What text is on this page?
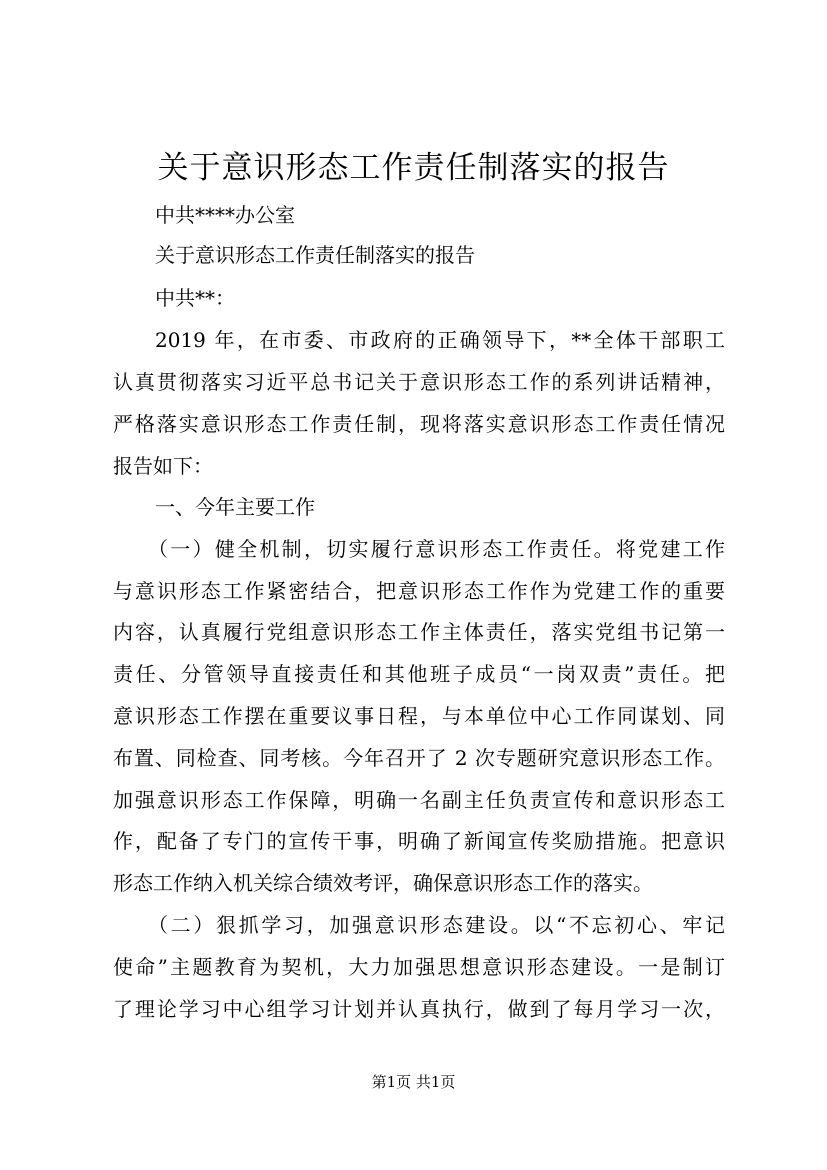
关于意识形态工作责任制落实的报告

中共****办公室

关于意识形态工作责任制落实的报告

中共**：

2019 年，在市委、市政府的正确领导下，**全体干部职工

认真贯彻落实习近平总书记关于意识形态工作的系列讲话精神，

严格落实意识形态工作责任制，现将落实意识形态工作责任情况

报告如下：

一、今年主要工作

（一）健全机制，切实履行意识形态工作责任。将党建工作

与意识形态工作紧密结合，把意识形态工作作为党建工作的重要

内容，认真履行党组意识形态工作主体责任，落实党组书记第一

责任、分管领导直接责任和其他班子成员“一岗双责”责任。把

意识形态工作摆在重要议事日程，与本单位中心工作同谋划、同

布置、同检查、同考核。今年召开了 2 次专题研究意识形态工作。

加强意识形态工作保障，明确一名副主任负责宣传和意识形态工

作，配备了专门的宣传干事，明确了新闻宣传奖励措施。把意识

形态工作纳入机关综合绩效考评，确保意识形态工作的落实。

（二）狠抓学习，加强意识形态建设。以“不忘初心、牢记

使命”主题教育为契机，大力加强思想意识形态建设。一是制订

了理论学习中心组学习计划并认真执行，做到了每月学习一次，

第1页 共1页
